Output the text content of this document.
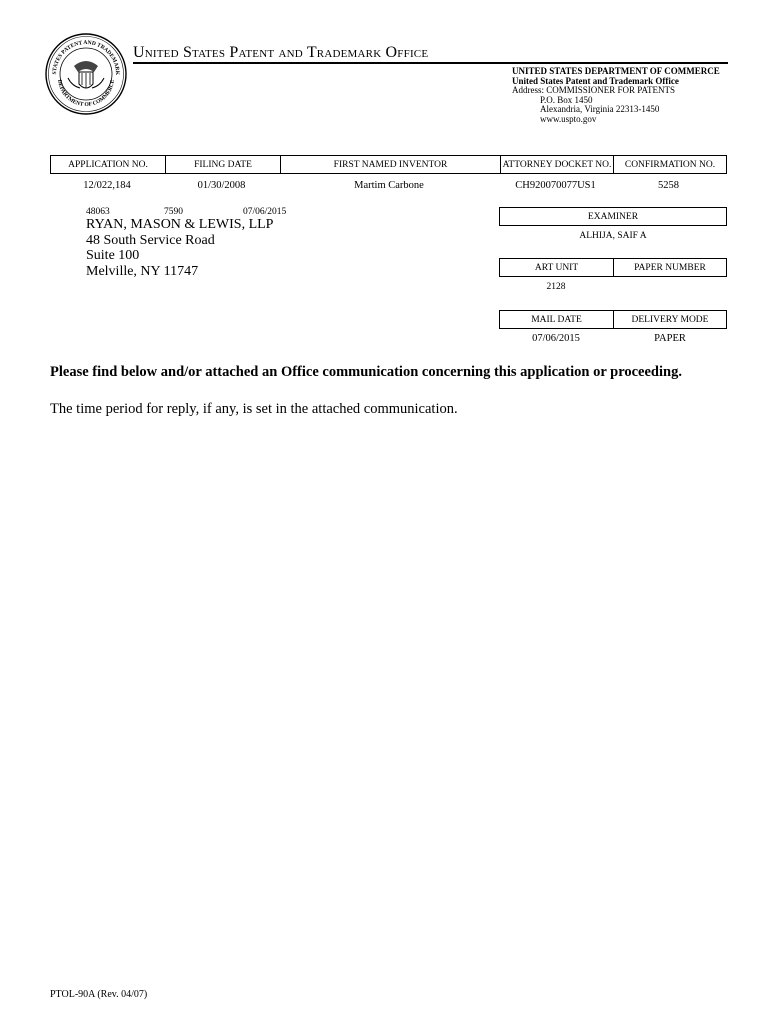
STATES PATENT AND TRADEMARK
DEPARTMENT OF COMMERCE
United States Patent and Trademark Office
UNITED STATES DEPARTMENT OF COMMERCE
United States Patent and Trademark Office
Address: COMMISSIONER FOR PATENTS
P.O. Box 1450
Alexandria, Virginia 22313-1450
www.uspto.gov
APPLICATION NO.	FILING DATE	FIRST NAMED INVENTOR	ATTORNEY DOCKET NO.	CONFIRMATION NO.
12/022,184	01/30/2008	Martim Carbone	CH920070077US1	5258
48063	7590	07/06/2015
RYAN, MASON & LEWIS, LLP
48 South Service Road
Suite 100
Melville, NY 11747
EXAMINER
ALHIJA, SAIF A
ART UNIT	PAPER NUMBER
2128
MAIL DATE	DELIVERY MODE
07/06/2015	PAPER
Please find below and/or attached an Office communication concerning this application or proceeding.
The time period for reply, if any, is set in the attached communication.
PTOL-90A (Rev. 04/07)
